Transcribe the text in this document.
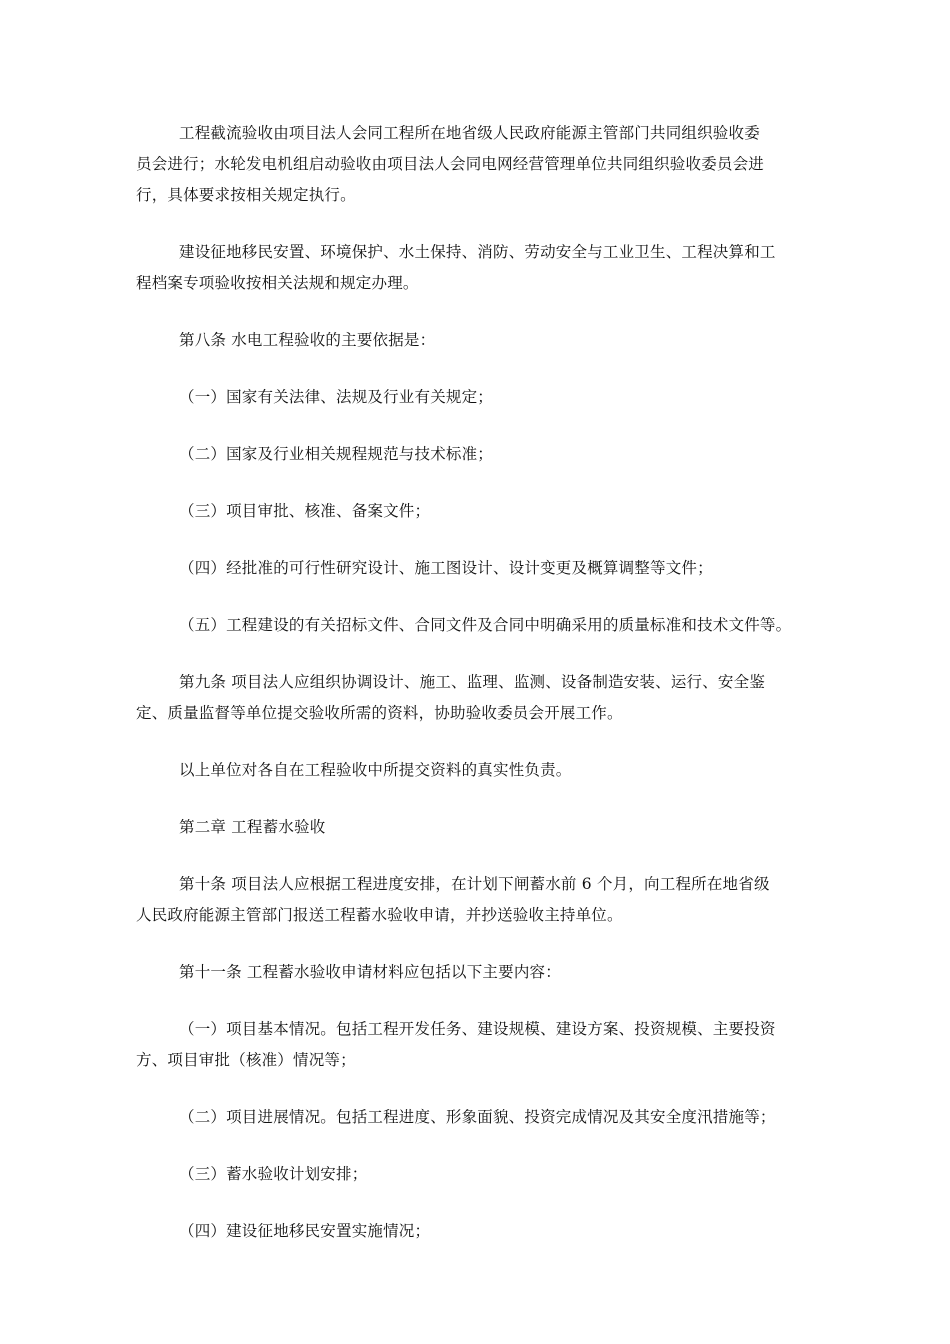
工程截流验收由项目法人会同工程所在地省级人民政府能源主管部门共同组织验收委
员会进行；水轮发电机组启动验收由项目法人会同电网经营管理单位共同组织验收委员会进
行，具体要求按相关规定执行。

建设征地移民安置、环境保护、水土保持、消防、劳动安全与工业卫生、工程决算和工
程档案专项验收按相关法规和规定办理。

第八条 水电工程验收的主要依据是：

（一）国家有关法律、法规及行业有关规定；

（二）国家及行业相关规程规范与技术标准；

（三）项目审批、核准、备案文件；

（四）经批准的可行性研究设计、施工图设计、设计变更及概算调整等文件；

（五）工程建设的有关招标文件、合同文件及合同中明确采用的质量标准和技术文件等。

第九条 项目法人应组织协调设计、施工、监理、监测、设备制造安装、运行、安全鉴
定、质量监督等单位提交验收所需的资料，协助验收委员会开展工作。

以上单位对各自在工程验收中所提交资料的真实性负责。

第二章 工程蓄水验收

第十条 项目法人应根据工程进度安排，在计划下闸蓄水前 6 个月，向工程所在地省级
人民政府能源主管部门报送工程蓄水验收申请，并抄送验收主持单位。

第十一条 工程蓄水验收申请材料应包括以下主要内容：

（一）项目基本情况。包括工程开发任务、建设规模、建设方案、投资规模、主要投资
方、项目审批（核准）情况等；

（二）项目进展情况。包括工程进度、形象面貌、投资完成情况及其安全度汛措施等；

（三）蓄水验收计划安排；

（四）建设征地移民安置实施情况；
